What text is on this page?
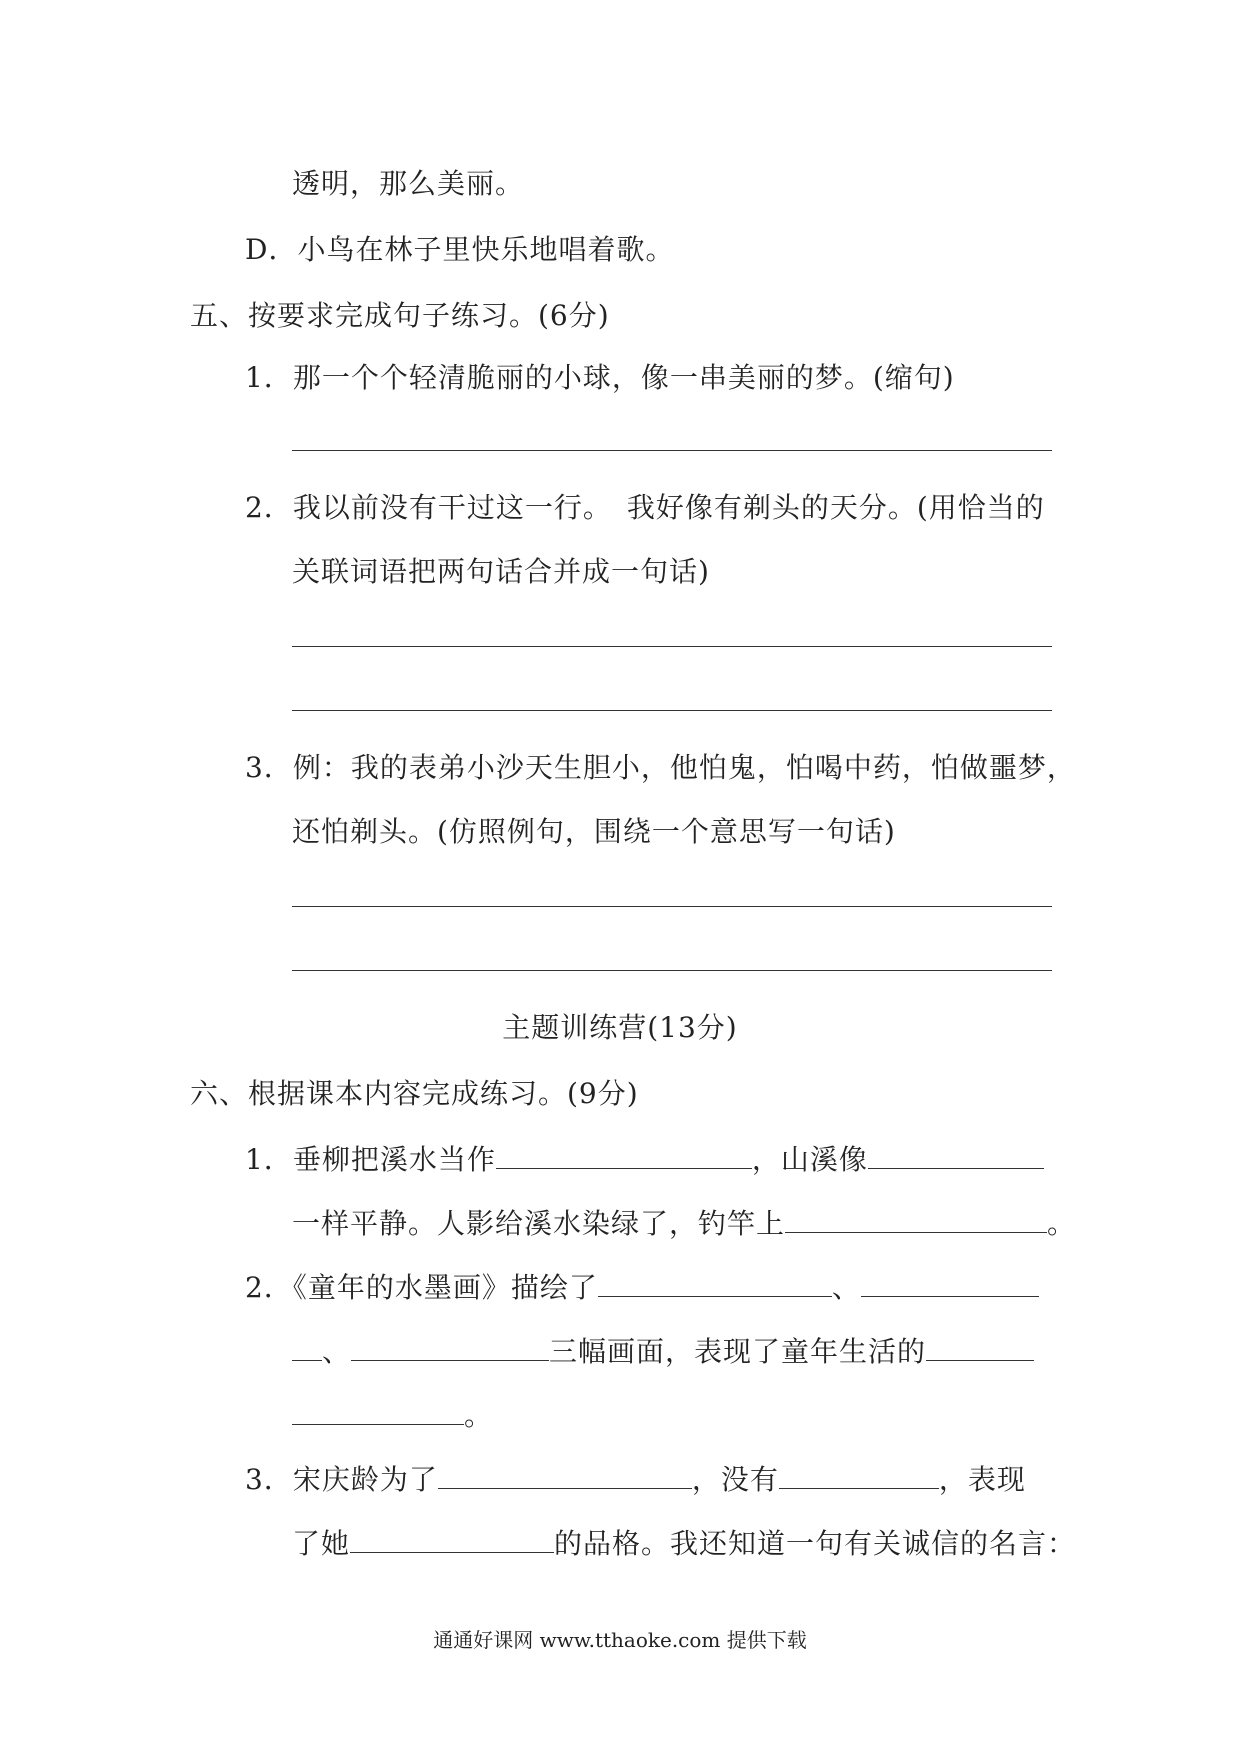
透明，那么美丽。
D．小鸟在林子里快乐地唱着歌。
五、按要求完成句子练习。(6分)
1．那一个个轻清脆丽的小球，像一串美丽的梦。(缩句)
2．我以前没有干过这一行。　我好像有剃头的天分。(用恰当的
关联词语把两句话合并成一句话)
3．例：我的表弟小沙天生胆小，他怕鬼，怕喝中药，怕做噩梦，
还怕剃头。(仿照例句，围绕一个意思写一句话)
主题训练营(13分)
六、根据课本内容完成练习。(9分)
1．垂柳把溪水当作	，山溪像
一样平静。人影给溪水染绿了，钓竿上	。
2．《童年的水墨画》描绘了	、
、	三幅画面，表现了童年生活的
。
3．宋庆龄为了	，没有	，表现
了她	的品格。我还知道一句有关诚信的名言：
通通好课网 www.tthaoke.com 提供下载
